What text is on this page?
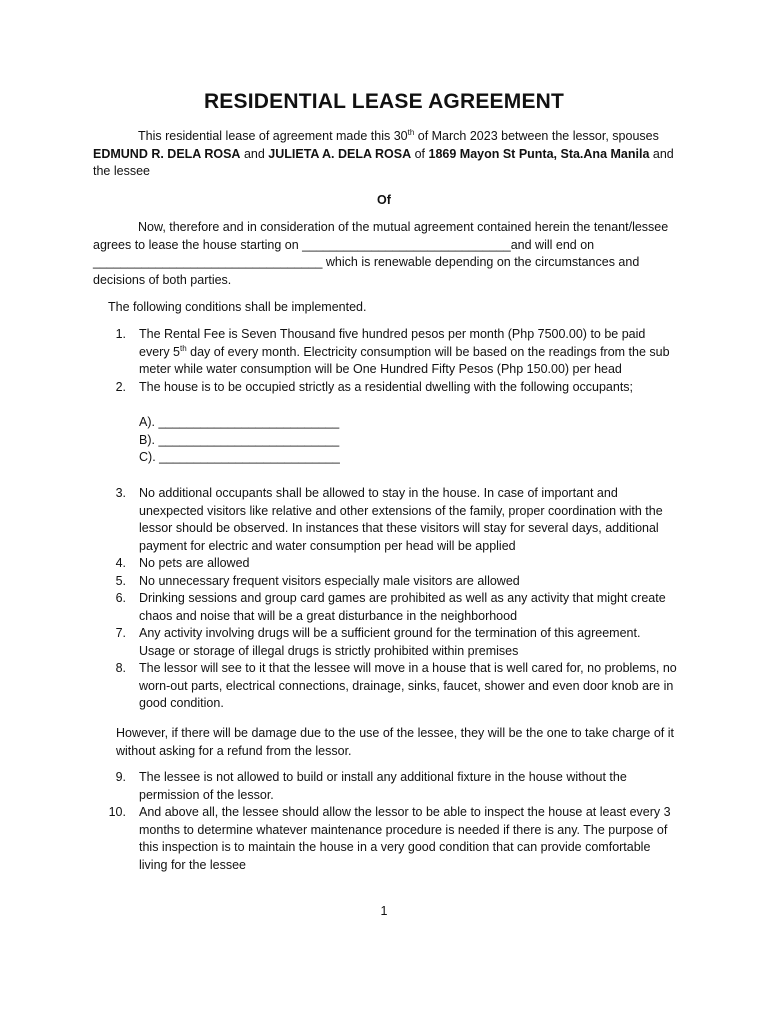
RESIDENTIAL LEASE AGREEMENT
This residential lease of agreement made this 30th of March 2023 between the lessor, spouses EDMUND R. DELA ROSA and JULIETA A. DELA ROSA of 1869 Mayon St Punta, Sta.Ana Manila and the lessee
Of
Now, therefore and in consideration of the mutual agreement contained herein the tenant/lessee agrees to lease the house starting on ______________________________and will end on _________________________________ which is renewable depending on the circumstances and decisions of both parties.
The following conditions shall be implemented.
1. The Rental Fee is Seven Thousand five hundred pesos per month (Php 7500.00) to be paid every 5th day of every month. Electricity consumption will be based on the readings from the sub meter while water consumption will be One Hundred Fifty Pesos (Php 150.00) per head
2. The house is to be occupied strictly as a residential dwelling with the following occupants;
A). __________________________
B). __________________________
C). __________________________
3. No additional occupants shall be allowed to stay in the house. In case of important and unexpected visitors like relative and other extensions of the family, proper coordination with the lessor should be observed. In instances that these visitors will stay for several days, additional payment for electric and water consumption per head will be applied
4. No pets are allowed
5. No unnecessary frequent visitors especially male visitors are allowed
6. Drinking sessions and group card games are prohibited as well as any activity that might create chaos and noise that will be a great disturbance in the neighborhood
7. Any activity involving drugs will be a sufficient ground for the termination of this agreement. Usage or storage of illegal drugs is strictly prohibited within premises
8. The lessor will see to it that the lessee will move in a house that is well cared for, no problems, no worn-out parts, electrical connections, drainage, sinks, faucet, shower and even door knob are in good condition.
However, if there will be damage due to the use of the lessee, they will be the one to take charge of it without asking for a refund from the lessor.
9. The lessee is not allowed to build or install any additional fixture in the house without the permission of the lessor.
10. And above all, the lessee should allow the lessor to be able to inspect the house at least every 3 months to determine whatever maintenance procedure is needed if there is any. The purpose of this inspection is to maintain the house in a very good condition that can provide comfortable living for the lessee
1
